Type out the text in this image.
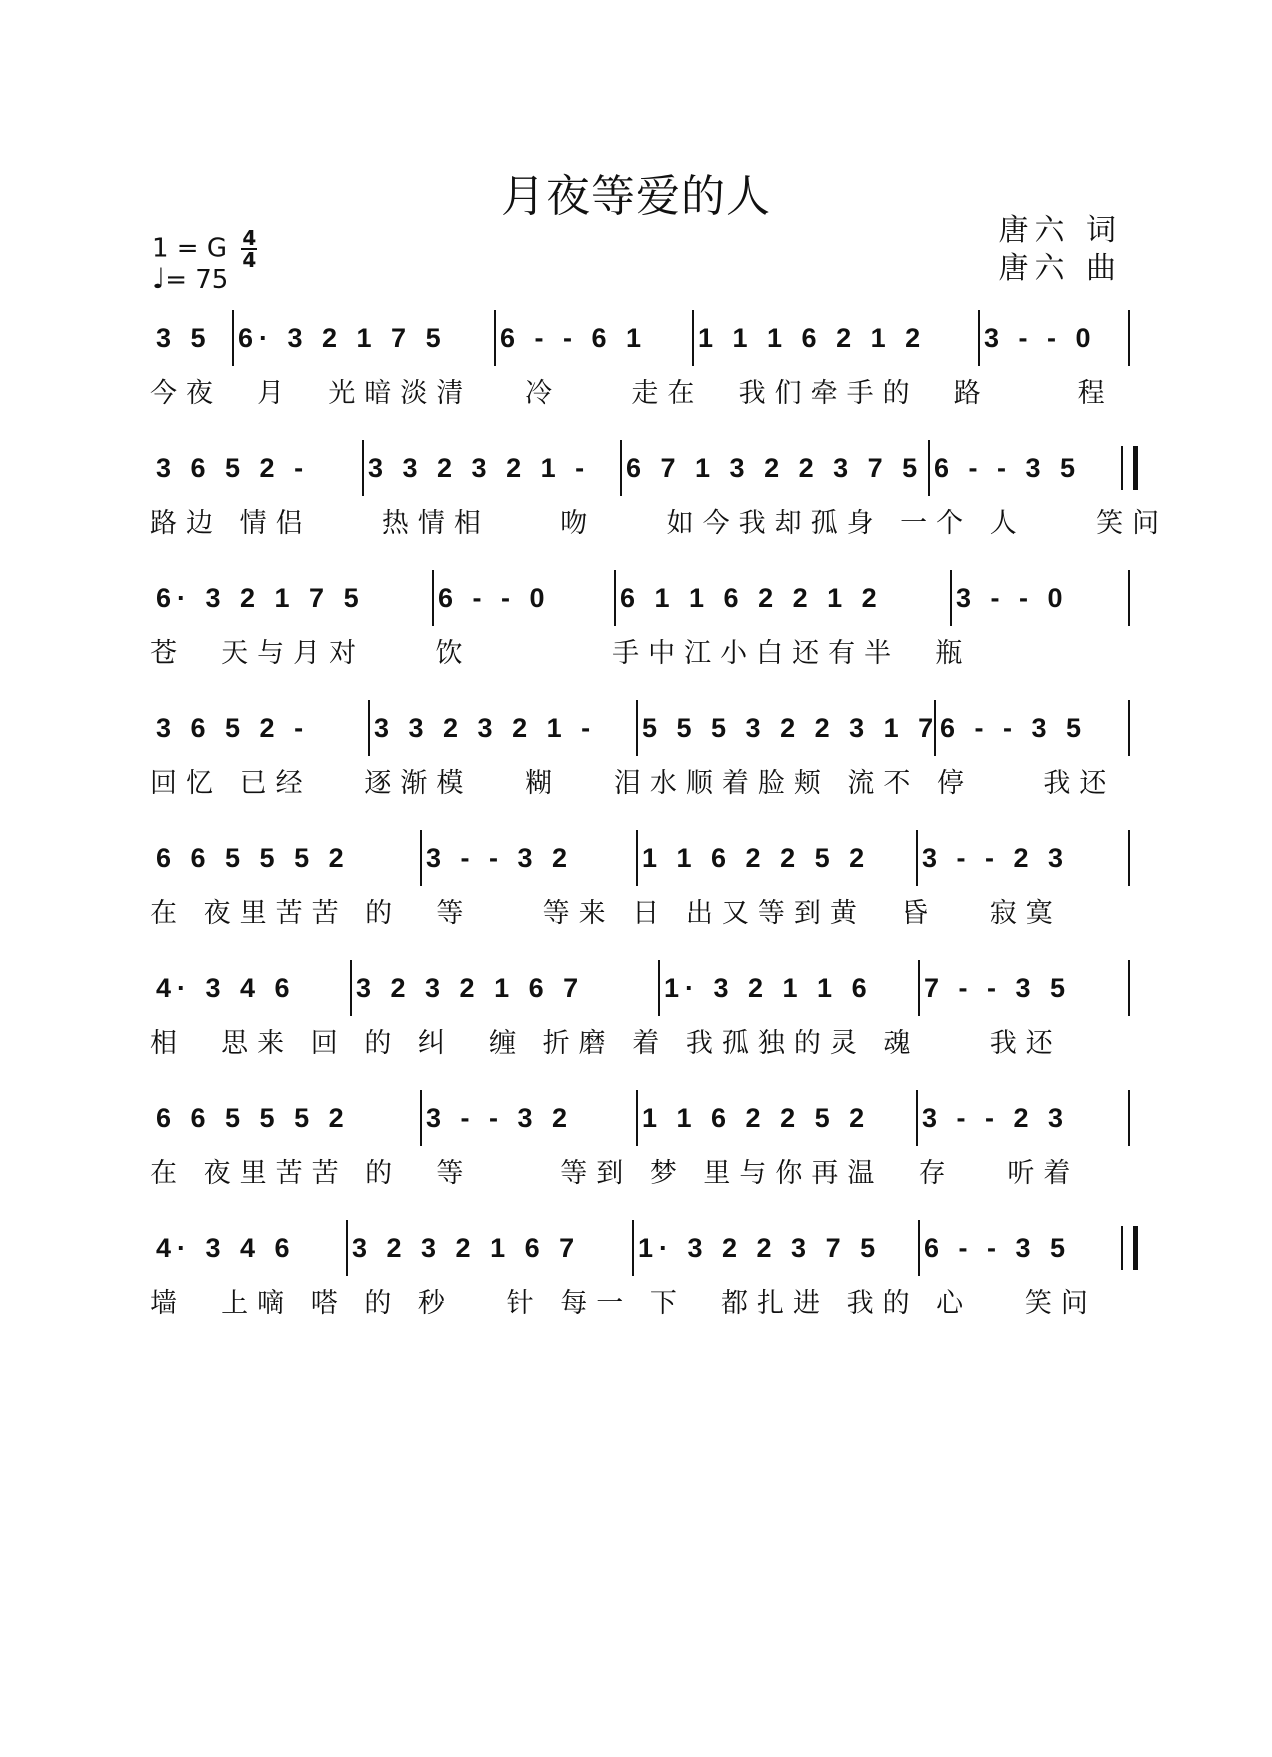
月夜等爱的人
唐六 词
唐六 曲
1 = G $\frac{4}{4}$
♩= 75
3 5 6· 3 2 1 7 5 6 - - 6 1 1 1 1 6 2 1 2 3 - - 0
今夜  月  光暗淡清   冷    走在  我们牵手的  路     程
3 6 5 2 - 3 3 2 3 2 1 - 6 7 1 3 2 2 3 7 5 6 - - 3 5
路边 情侣    热情相    吻    如今我却孤身 一个 人    笑问
6· 3 2 1 7 5	6 - - 0	6 1 1 6 2 2 1 2	3 - - 0
苍  天与月对    饮        手中江小白还有半  瓶
3 6 5 2 - 3 3 2 3 2 1 - 5 5 5 3 2 2 3 1 7 6 - - 3 5
回忆 已经   逐渐模   糊   泪水顺着脸颊 流不 停    我还
6 6 5 5 5 2	3 - - 3 2	1 1 6 2 2 5 2 3 - - 2 3
在 夜里苦苦 的  等    等来 日 出又等到黄  昏   寂寞
4· 3 4 6 3 2 3 2 1 6 7	1· 3 2 1 1 6 7 - - 3 5
相  思来 回 的 纠  缠 折磨 着 我孤独的灵 魂    我还
6 6 5 5 5 2	3 - - 3 2	1 1 6 2 2 5 2 3 - - 2 3
在 夜里苦苦 的  等     等到 梦 里与你再温  存   听着
4· 3 4 6 3 2 3 2 1 6 7 1· 3 2 2 3 7 5 6 - - 3 5
墙  上嘀 嗒 的 秒   针 每一 下  都扎进 我的 心   笑问
